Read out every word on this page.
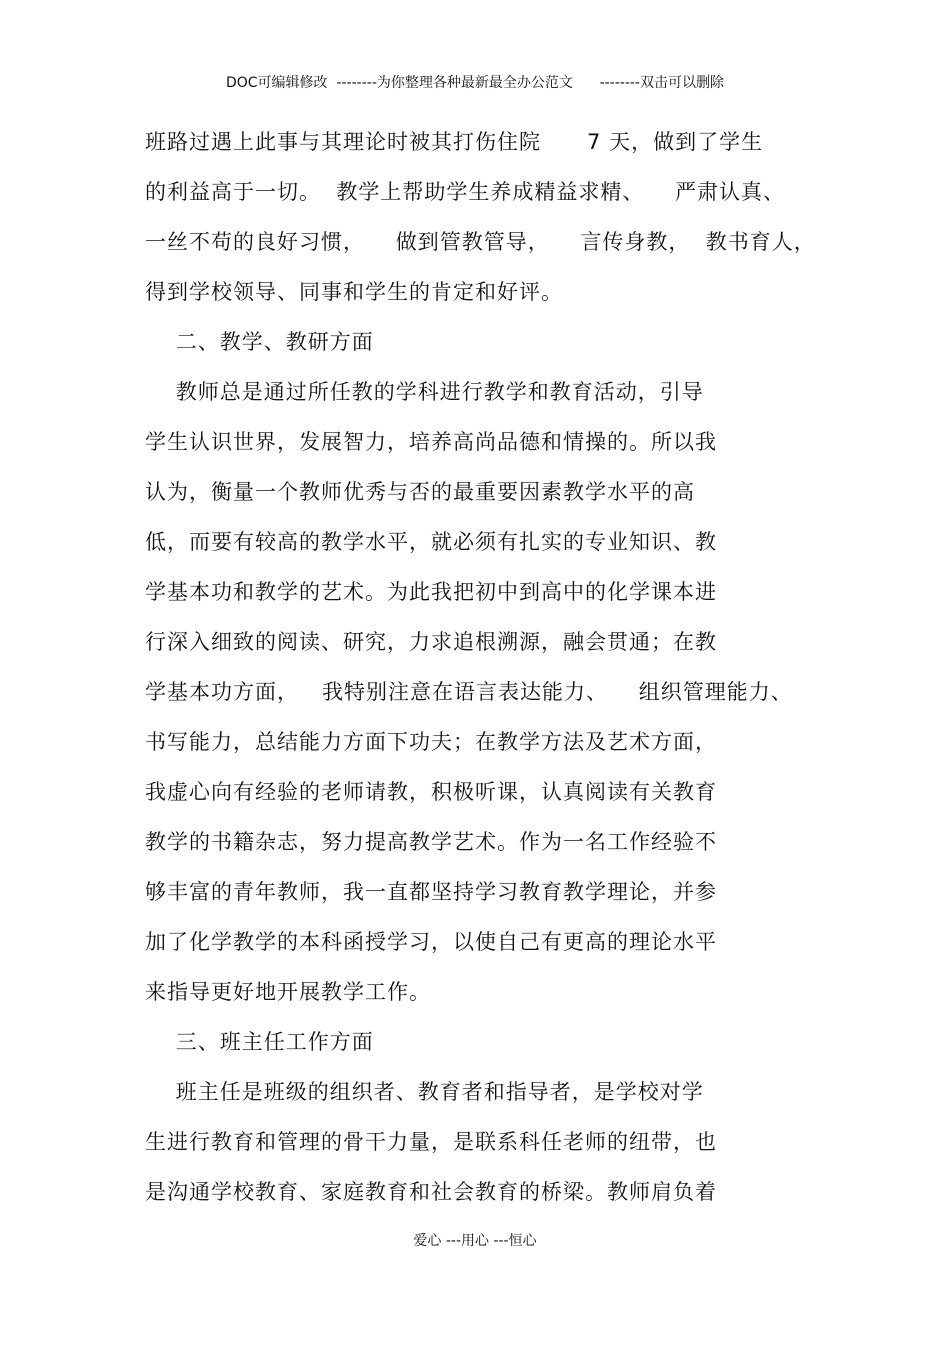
DOC可编辑修改  --------为你整理各种最新最全办公范文      --------双击可以删除
班路过遇上此事与其理论时被其打伤住院      7 天，做到了学生
的利益高于一切。  教学上帮助学生养成精益求精、    严肃认真、
一丝不苟的良好习惯，    做到管教管导，    言传身教，  教书育人，
得到学校领导、同事和学生的肯定和好评。
二、教学、教研方面
教师总是通过所任教的学科进行教学和教育活动，引导
学生认识世界，发展智力，培养高尚品德和情操的。所以我
认为，衡量一个教师优秀与否的最重要因素教学水平的高
低，而要有较高的教学水平，就必须有扎实的专业知识、教
学基本功和教学的艺术。为此我把初中到高中的化学课本进
行深入细致的阅读、研究，力求追根溯源，融会贯通；在教
学基本功方面，   我特别注意在语言表达能力、    组织管理能力、
书写能力，总结能力方面下功夫；在教学方法及艺术方面，
我虚心向有经验的老师请教，积极听课，认真阅读有关教育
教学的书籍杂志，努力提高教学艺术。作为一名工作经验不
够丰富的青年教师，我一直都坚持学习教育教学理论，并参
加了化学教学的本科函授学习，以使自己有更高的理论水平
来指导更好地开展教学工作。
三、班主任工作方面
班主任是班级的组织者、教育者和指导者，是学校对学
生进行教育和管理的骨干力量，是联系科任老师的纽带，也
是沟通学校教育、家庭教育和社会教育的桥梁。教师肩负着
爱心 ---用心 ---恒心
